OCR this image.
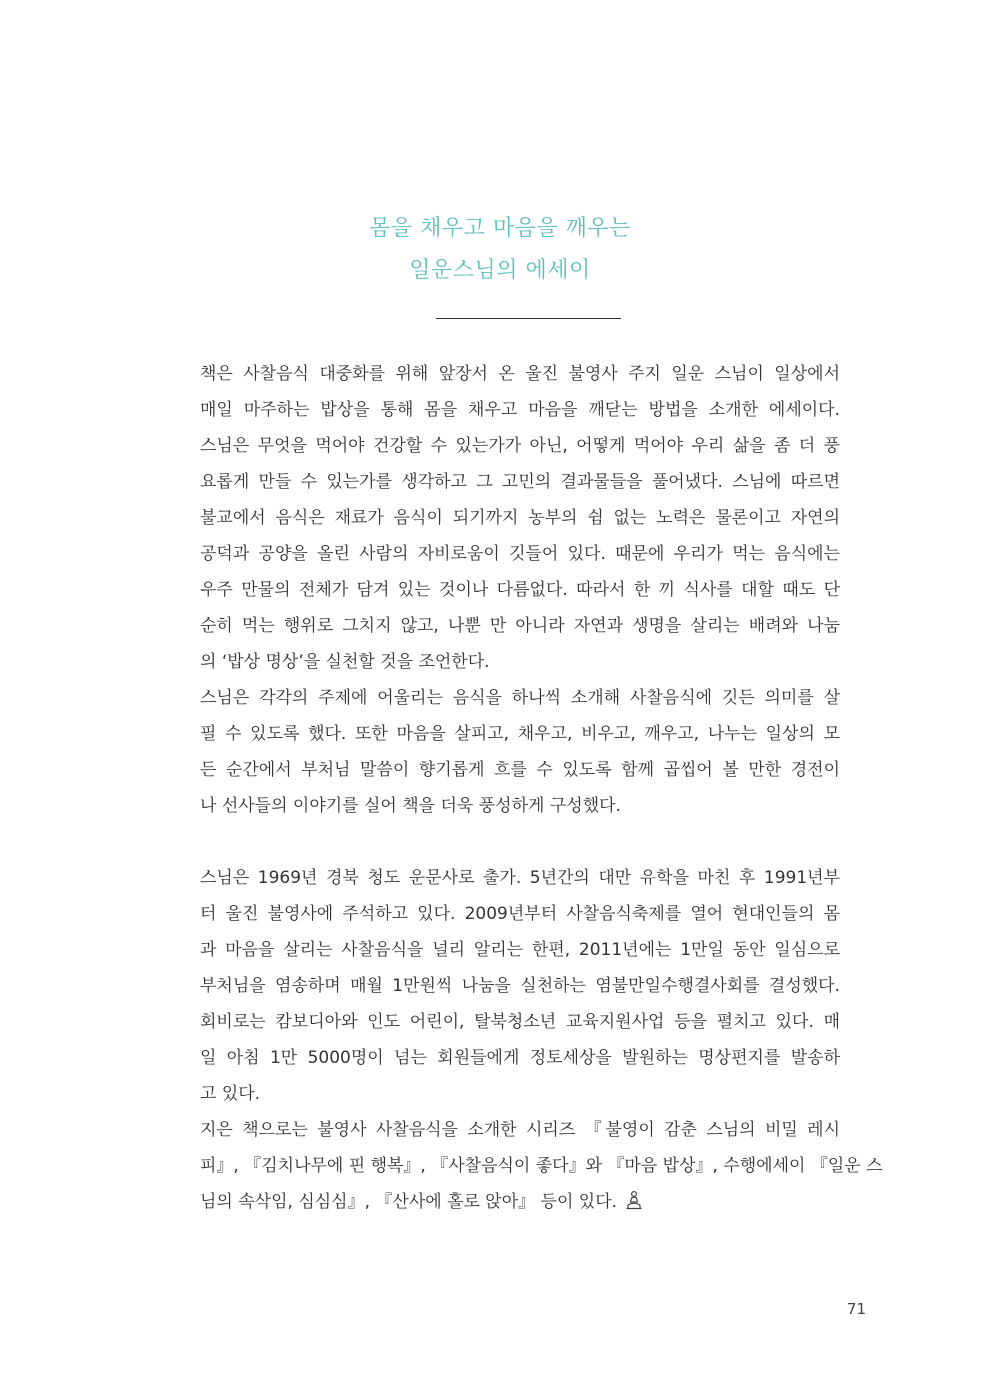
몸을 채우고 마음을 깨우는
일운스님의 에세이
책은 사찰음식 대중화를 위해 앞장서 온 울진 불영사 주지 일운 스님이 일상에서
매일 마주하는 밥상을 통해 몸을 채우고 마음을 깨닫는 방법을 소개한 에세이다.
스님은 무엇을 먹어야 건강할 수 있는가가 아닌, 어떻게 먹어야 우리 삶을 좀 더 풍
요롭게 만들 수 있는가를 생각하고 그 고민의 결과물들을 풀어냈다. 스님에 따르면
불교에서 음식은 재료가 음식이 되기까지 농부의 쉼 없는 노력은 물론이고 자연의
공덕과 공양을 올린 사람의 자비로움이 깃들어 있다. 때문에 우리가 먹는 음식에는
우주 만물의 전체가 담겨 있는 것이나 다름없다. 따라서 한 끼 식사를 대할 때도 단
순히 먹는 행위로 그치지 않고, 나뿐 만 아니라 자연과 생명을 살리는 배려와 나눔
의 ‘밥상 명상’을 실천할 것을 조언한다.
스님은 각각의 주제에 어울리는 음식을 하나씩 소개해 사찰음식에 깃든 의미를 살
필 수 있도록 했다. 또한 마음을 살피고, 채우고, 비우고, 깨우고, 나누는 일상의 모
든 순간에서 부처님 말씀이 향기롭게 흐를 수 있도록 함께 곱씹어 볼 만한 경전이
나 선사들의 이야기를 실어 책을 더욱 풍성하게 구성했다.
스님은 1969년 경북 청도 운문사로 출가. 5년간의 대만 유학을 마친 후 1991년부
터 울진 불영사에 주석하고 있다. 2009년부터 사찰음식축제를 열어 현대인들의 몸
과 마음을 살리는 사찰음식을 널리 알리는 한편, 2011년에는 1만일 동안 일심으로
부처님을 염송하며 매월 1만원씩 나눔을 실천하는 염불만일수행결사회를 결성했다.
회비로는 캄보디아와 인도 어린이, 탈북청소년 교육지원사업 등을 펼치고 있다. 매
일 아침 1만 5000명이 넘는 회원들에게 정토세상을 발원하는 명상편지를 발송하
고 있다.
지은 책으로는 불영사 사찰음식을 소개한 시리즈 『불영이 감춘 스님의 비밀 레시
피』, 『김치나무에 핀 행복』, 『사찰음식이 좋다』와 『마음 밥상』, 수행에세이 『일운 스
님의 속삭임, 심심심』, 『산사에 홀로 앉아』 등이 있다.
71
